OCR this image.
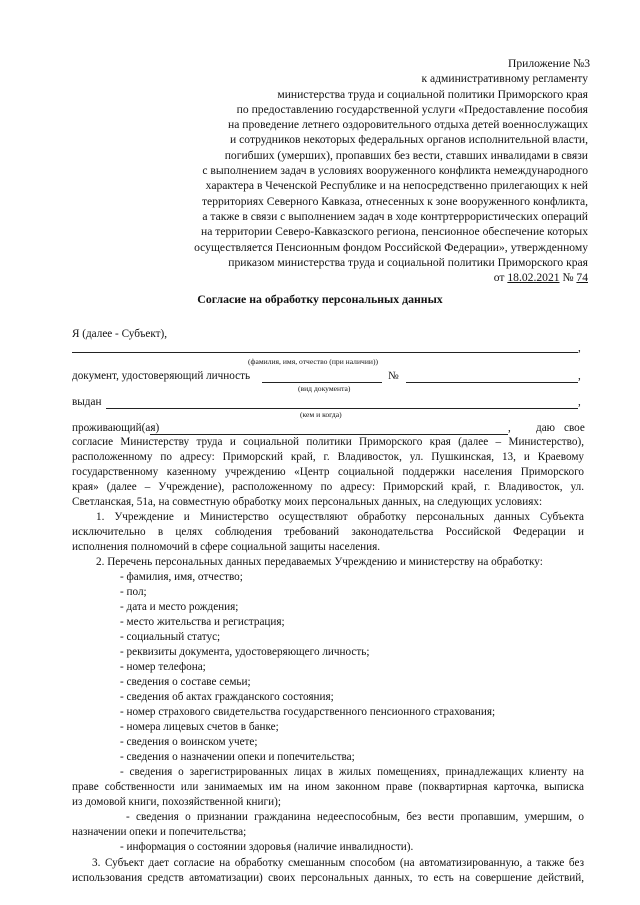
Приложение №3
к административному регламенту
министерства труда и социальной политики Приморского края
по предоставлению государственной услуги «Предоставление пособия
на проведение летнего оздоровительного отдыха детей военнослужащих
и сотрудников некоторых федеральных органов исполнительной власти,
погибших (умерших), пропавших без вести, ставших инвалидами в связи
с выполнением задач в условиях вооруженного конфликта немеждународного
характера в Чеченской Республике и на непосредственно прилегающих к ней
территориях Северного Кавказа, отнесенных к зоне вооруженного конфликта,
а также в связи с выполнением задач в ходе контртеррористических операций
на территории Северо-Кавказского региона, пенсионное обеспечение которых
осуществляется Пенсионным фондом Российской Федерации», утвержденному
приказом министерства труда и социальной политики Приморского края
от 18.02.2021 № 74
Согласие на обработку персональных данных
Я (далее - Субъект),
,
(фамилия, имя, отчество (при наличии))
документ, удостоверяющий личность	№	,
(вид документа)
выдан	,
(кем и когда)
проживающий(ая)	, даю свое
согласие Министерству труда и социальной политики Приморского края (далее – Министерство),
расположенному по адресу: Приморский край, г. Владивосток, ул. Пушкинская, 13, и Краевому
государственному казенному учреждению «Центр социальной поддержки населения Приморского
края» (далее – Учреждение), расположенному по адресу: Приморский край, г. Владивосток, ул.
Светланская, 51а, на совместную обработку моих персональных данных, на следующих условиях:
1. Учреждение и Министерство осуществляют обработку персональных данных Субъекта
исключительно в целях соблюдения требований законодательства Российской Федерации и
исполнения полномочий в сфере социальной защиты населения.
2. Перечень персональных данных передаваемых Учреждению и министерству на обработку:
- фамилия, имя, отчество;
- пол;
- дата и место рождения;
- место жительства и регистрация;
- социальный статус;
- реквизиты документа, удостоверяющего личность;
- номер телефона;
- сведения о составе семьи;
- сведения об актах гражданского состояния;
- номер страхового свидетельства государственного пенсионного страхования;
- номера лицевых счетов в банке;
- сведения о воинском учете;
- сведения о назначении опеки и попечительства;
- сведения о зарегистрированных лицах в жилых помещениях, принадлежащих клиенту на
праве собственности или занимаемых им на ином законном праве (поквартирная карточка, выписка
из домовой книги, похозяйственной книги);
- сведения о признании гражданина недееспособным, без вести пропавшим, умершим, о
назначении опеки и попечительства;
- информация о состоянии здоровья (наличие инвалидности).
3. Субъект дает согласие на обработку смешанным способом (на автоматизированную, а также без
использования средств автоматизации) своих персональных данных, то есть на совершение действий,
